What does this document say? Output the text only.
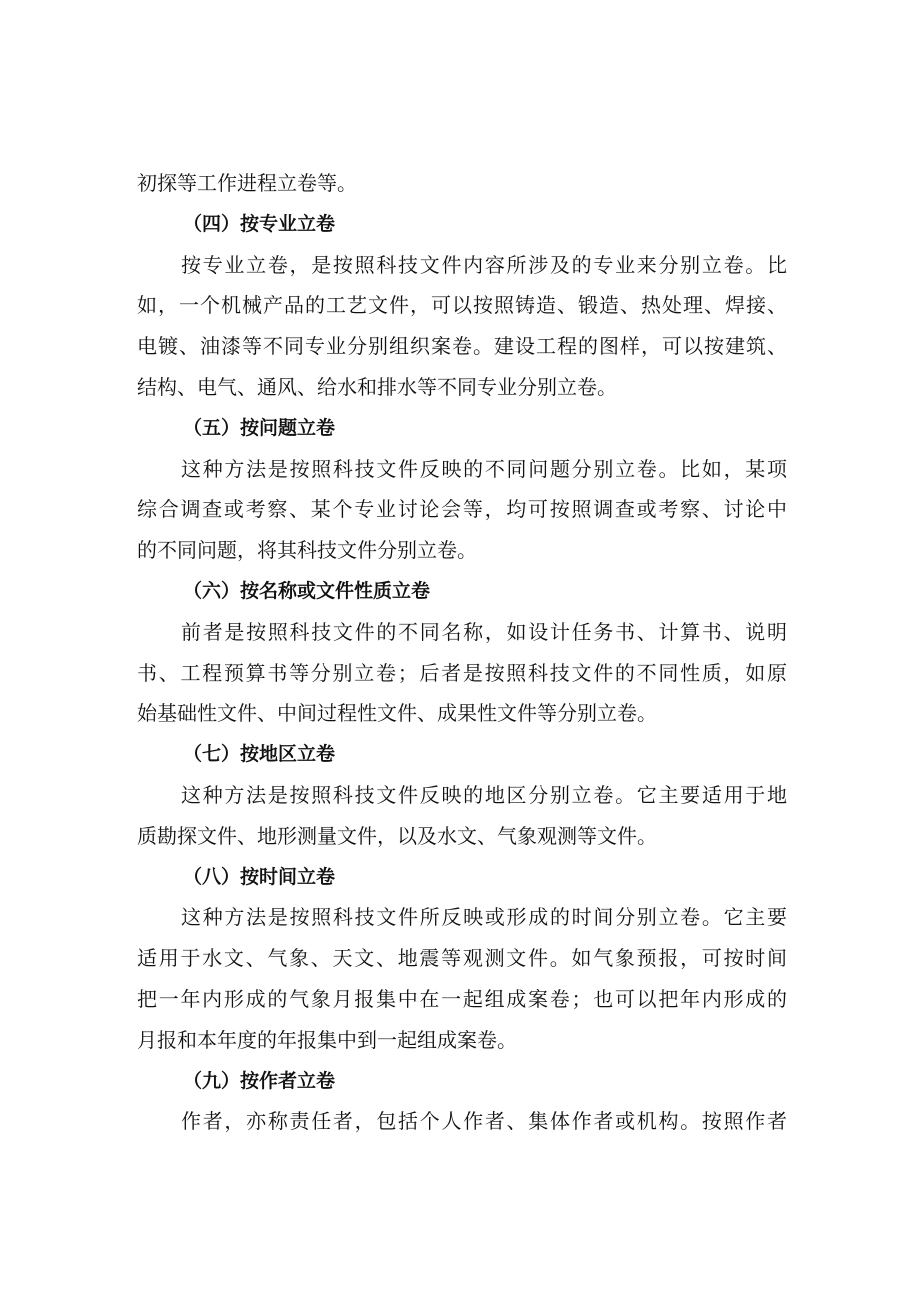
初探等工作进程立卷等。
（四）按专业立卷
按专业立卷，是按照科技文件内容所涉及的专业来分别立卷。比
如，一个机械产品的工艺文件，可以按照铸造、锻造、热处理、焊接、
电镀、油漆等不同专业分别组织案卷。建设工程的图样，可以按建筑、
结构、电气、通风、给水和排水等不同专业分别立卷。
（五）按问题立卷
这种方法是按照科技文件反映的不同问题分别立卷。比如，某项
综合调查或考察、某个专业讨论会等，均可按照调查或考察、讨论中
的不同问题，将其科技文件分别立卷。
（六）按名称或文件性质立卷
前者是按照科技文件的不同名称，如设计任务书、计算书、说明
书、工程预算书等分别立卷；后者是按照科技文件的不同性质，如原
始基础性文件、中间过程性文件、成果性文件等分别立卷。
（七）按地区立卷
这种方法是按照科技文件反映的地区分别立卷。它主要适用于地
质勘探文件、地形测量文件，以及水文、气象观测等文件。
（八）按时间立卷
这种方法是按照科技文件所反映或形成的时间分别立卷。它主要
适用于水文、气象、天文、地震等观测文件。如气象预报，可按时间
把一年内形成的气象月报集中在一起组成案卷；也可以把年内形成的
月报和本年度的年报集中到一起组成案卷。
（九）按作者立卷
作者，亦称责任者，包括个人作者、集体作者或机构。按照作者
